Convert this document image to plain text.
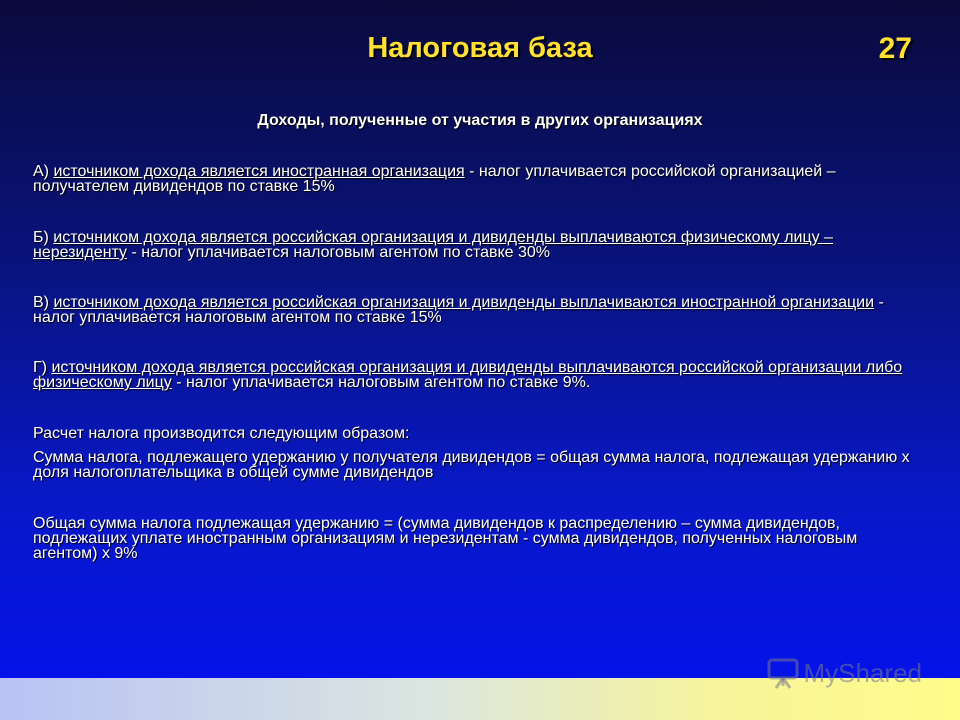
Налоговая база	27
Доходы, полученные от участия в других организациях
А) источником дохода является иностранная организация - налог уплачивается российской организацией – получателем дивидендов по ставке 15%
Б) источником дохода является российская организация и дивиденды выплачиваются физическому лицу – нерезиденту - налог уплачивается налоговым агентом по ставке 30%
В) источником дохода является российская организация и дивиденды выплачиваются иностранной организации - налог уплачивается налоговым агентом по ставке 15%
Г) источником дохода является российская организация и дивиденды выплачиваются российской организации либо физическому лицу - налог уплачивается налоговым агентом по ставке 9%.
Расчет налога производится следующим образом:
Сумма налога, подлежащего удержанию у получателя дивидендов = общая сумма налога, подлежащая удержанию х доля налогоплательщика в общей сумме дивидендов
Общая сумма налога подлежащая удержанию = (сумма дивидендов к распределению – сумма дивидендов, подлежащих уплате иностранным организациям и нерезидентам - сумма дивидендов, полученных налоговым агентом) х 9%
MyShared
